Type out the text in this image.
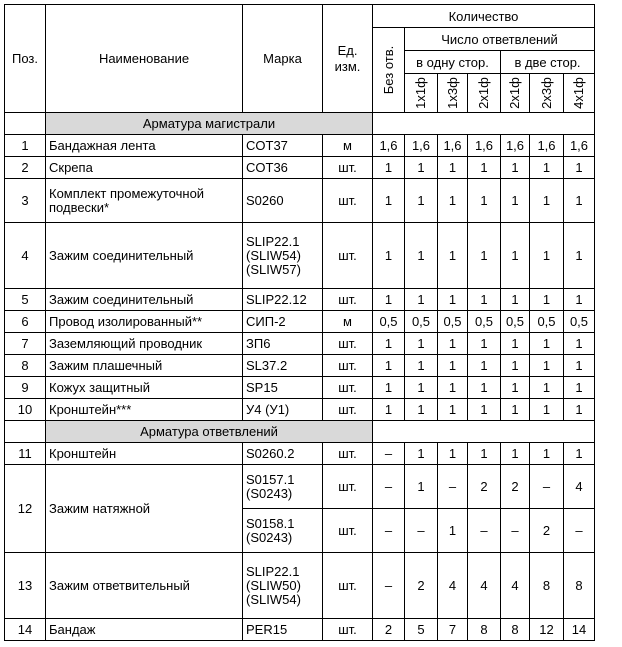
Поз.	Наименование	Марка	Ед. изм.	Количество						

				Без отв.	Число ответвлений					
					в одну стор.			в две стор.		

					1x1ф	1x3ф	2x1ф	2x1ф	2x3ф	4x1ф

	Арматура магистрали									
1	Бандажная лента	COT37	м	1,6	1,6	1,6	1,6	1,6	1,6	1,6
2	Скрепа	COT36	шт.	1	1	1	1	1	1	1
3	Комплект промежуточной подвески*	S0260	шт.	1	1	1	1	1	1	1
4	Зажим соединительный	SLIP22.1 (SLIW54) (SLIW57)	шт.	1	1	1	1	1	1	1
5	Зажим соединительный	SLIP22.12	шт.	1	1	1	1	1	1	1
6	Провод изолированный**	СИП-2	м	0,5	0,5	0,5	0,5	0,5	0,5	0,5
7	Заземляющий проводник	ЗП6	шт.	1	1	1	1	1	1	1
8	Зажим плашечный	SL37.2	шт.	1	1	1	1	1	1	1
9	Кожух защитный	SP15	шт.	1	1	1	1	1	1	1
10	Кронштейн***	У4 (У1)	шт.	1	1	1	1	1	1	1
	Арматура ответвлений									
11	Кронштейн	S0260.2	шт.	–	1	1	1	1	1	1
12	Зажим натяжной	S0157.1 (S0243)	шт.	–	1	–	2	2	–	4
		S0158.1 (S0243)	шт.	–	–	1	–	–	2	–
13	Зажим ответвительный	SLIP22.1 (SLIW50) (SLIW54)	шт.	–	2	4	4	4	8	8
14	Бандаж	PER15	шт.	2	5	7	8	8	12	14
